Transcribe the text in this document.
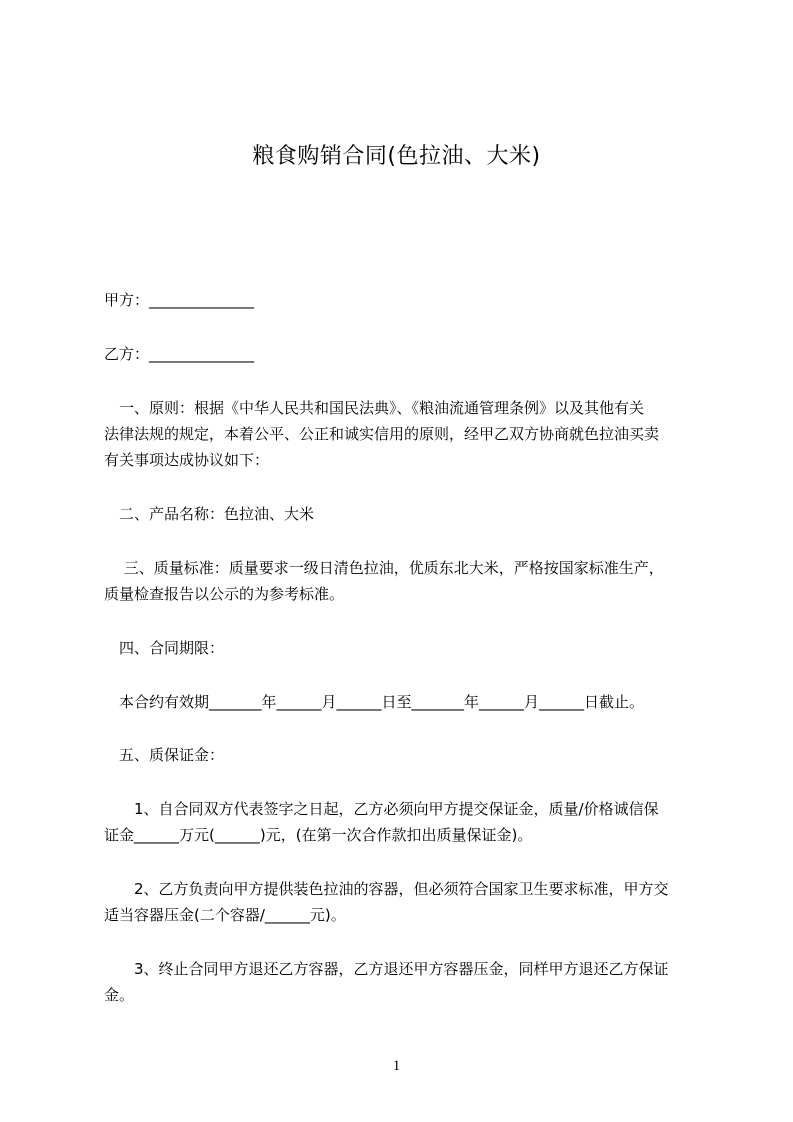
粮食购销合同(色拉油、大米)
甲方：______________
乙方：______________
　一、原则：根据《中华人民共和国民法典》、《粮油流通管理条例》以及其他有关
法律法规的规定，本着公平、公正和诚实信用的原则，经甲乙双方协商就色拉油买卖
有关事项达成协议如下：
　二、产品名称：色拉油、大米
　 三、质量标准：质量要求一级日清色拉油，优质东北大米，严格按国家标准生产，
质量检查报告以公示的为参考标准。
　四、合同期限：
　本合约有效期_______年______月______日至_______年______月______日截止。
　五、质保证金：
　　1、自合同双方代表签字之日起，乙方必须向甲方提交保证金，质量/价格诚信保
证金______万元(______)元，(在第一次合作款扣出质量保证金)。
　　2、乙方负责向甲方提供装色拉油的容器，但必须符合国家卫生要求标准，甲方交
适当容器压金(二个容器/______元)。
　　3、终止合同甲方退还乙方容器，乙方退还甲方容器压金，同样甲方退还乙方保证
金。
1
